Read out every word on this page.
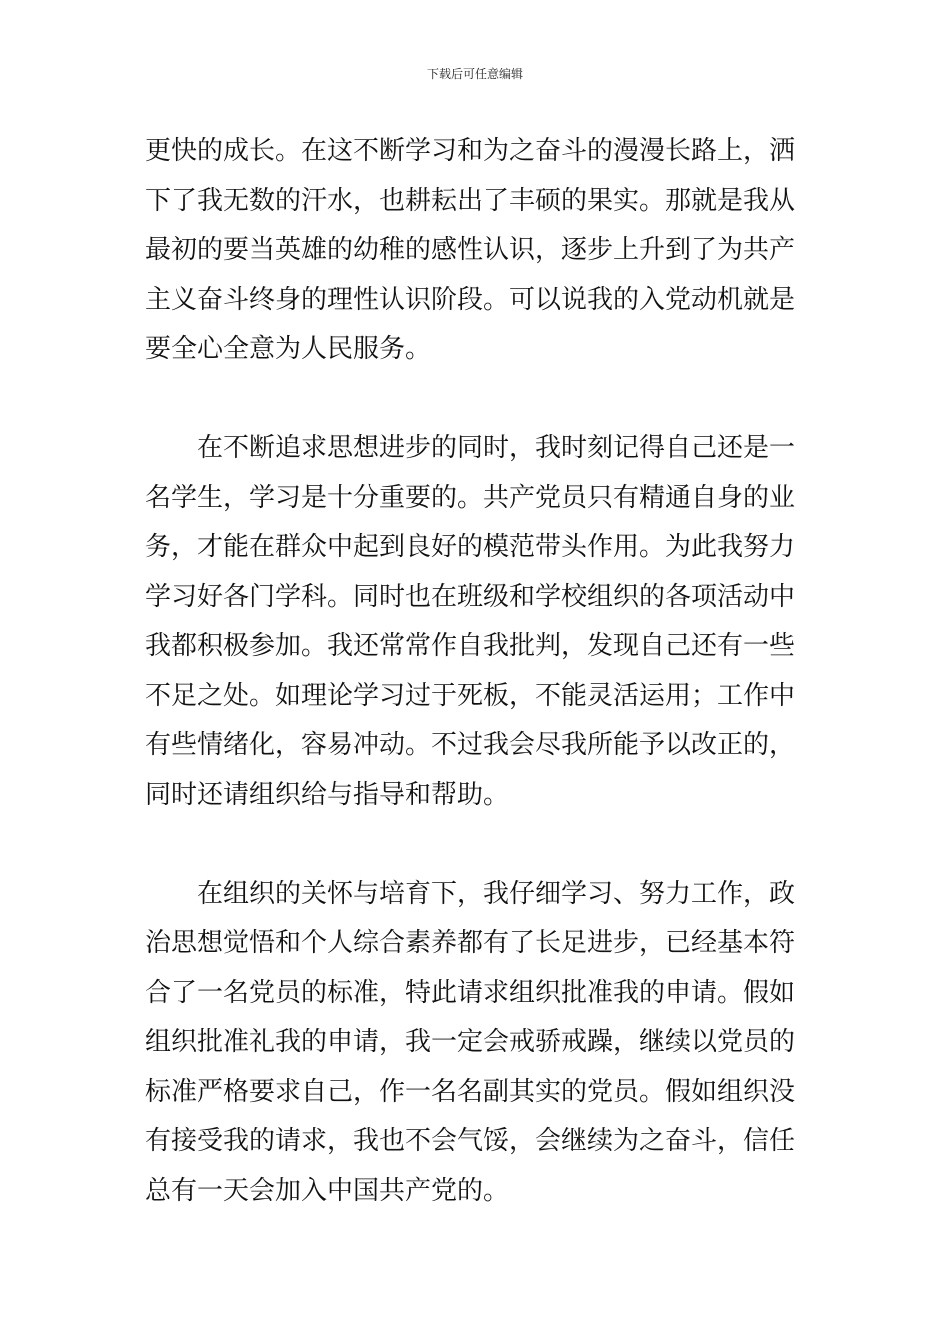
下载后可任意编辑
更快的成长。在这不断学习和为之奋斗的漫漫长路上，洒
下了我无数的汗水，也耕耘出了丰硕的果实。那就是我从
最初的要当英雄的幼稚的感性认识，逐步上升到了为共产
主义奋斗终身的理性认识阶段。可以说我的入党动机就是
要全心全意为人民服务。
　　在不断追求思想进步的同时，我时刻记得自己还是一
名学生，学习是十分重要的。共产党员只有精通自身的业
务，才能在群众中起到良好的模范带头作用。为此我努力
学习好各门学科。同时也在班级和学校组织的各项活动中
我都积极参加。我还常常作自我批判，发现自己还有一些
不足之处。如理论学习过于死板，不能灵活运用；工作中
有些情绪化，容易冲动。不过我会尽我所能予以改正的，
同时还请组织给与指导和帮助。
　　在组织的关怀与培育下，我仔细学习、努力工作，政
治思想觉悟和个人综合素养都有了长足进步，已经基本符
合了一名党员的标准，特此请求组织批准我的申请。假如
组织批准礼我的申请，我一定会戒骄戒躁，继续以党员的
标准严格要求自己，作一名名副其实的党员。假如组织没
有接受我的请求，我也不会气馁，会继续为之奋斗，信任
总有一天会加入中国共产党的。
